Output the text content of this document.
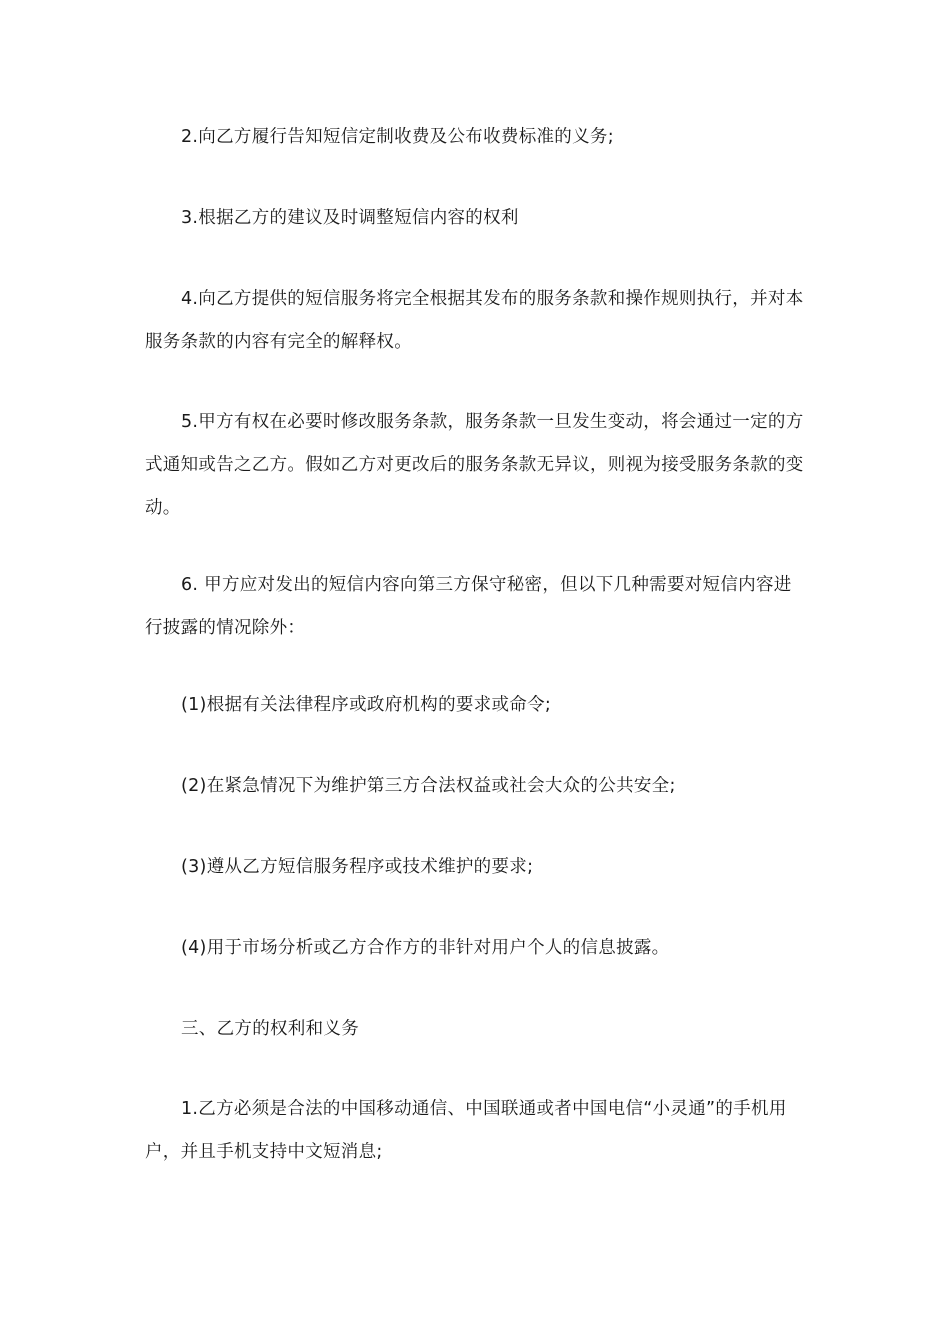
2.向乙方履行告知短信定制收费及公布收费标准的义务;

3.根据乙方的建议及时调整短信内容的权利

4.向乙方提供的短信服务将完全根据其发布的服务条款和操作规则执行，并对本服务条款的内容有完全的解释权。

5.甲方有权在必要时修改服务条款，服务条款一旦发生变动，将会通过一定的方式通知或告之乙方。假如乙方对更改后的服务条款无异议，则视为接受服务条款的变动。

6. 甲方应对发出的短信内容向第三方保守秘密，但以下几种需要对短信内容进行披露的情况除外：

(1)根据有关法律程序或政府机构的要求或命令;

(2)在紧急情况下为维护第三方合法权益或社会大众的公共安全;

(3)遵从乙方短信服务程序或技术维护的要求;

(4)用于市场分析或乙方合作方的非针对用户个人的信息披露。

三、乙方的权利和义务

1.乙方必须是合法的中国移动通信、中国联通或者中国电信“小灵通”的手机用户，并且手机支持中文短消息;
